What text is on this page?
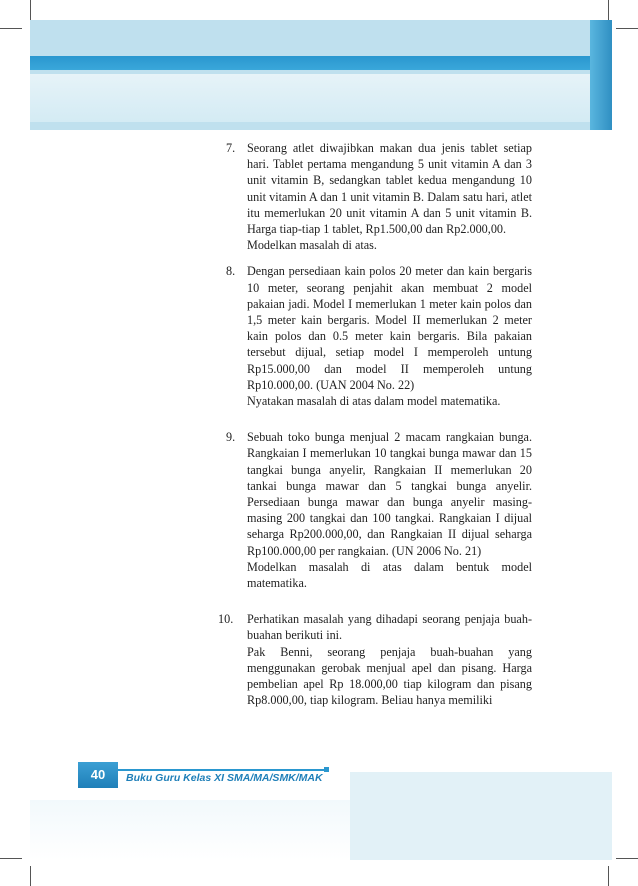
7. Seorang atlet diwajibkan makan dua jenis tablet setiap hari. Tablet pertama mengandung 5 unit vitamin A dan 3 unit vitamin B, sedangkan tablet kedua mengandung 10 unit vitamin A dan 1 unit vitamin B. Dalam satu hari, atlet itu memerlukan 20 unit vitamin A dan 5 unit vitamin B. Harga tiap-tiap 1 tablet, Rp1.500,00 dan Rp2.000,00.

Modelkan masalah di atas.

8. Dengan persediaan kain polos 20 meter dan kain bergaris 10 meter, seorang penjahit akan membuat 2 model pakaian jadi. Model I memerlukan 1 meter kain polos dan 1,5 meter kain bergaris. Model II memerlukan 2 meter kain polos dan 0.5 meter kain bergaris. Bila pakaian tersebut dijual, setiap model I memperoleh untung Rp15.000,00 dan model II memperoleh untung Rp10.000,00. (UAN 2004 No. 22)

Nyatakan masalah di atas dalam model matematika.

9. Sebuah toko bunga menjual 2 macam rangkaian bunga. Rangkaian I memerlukan 10 tangkai bunga mawar dan 15 tangkai bunga anyelir, Rangkaian II memerlukan 20 tankai bunga mawar dan 5 tangkai bunga anyelir. Persediaan bunga mawar dan bunga anyelir masing-masing 200 tangkai dan 100 tangkai. Rangkaian I dijual seharga Rp200.000,00, dan Rangkaian II dijual seharga Rp100.000,00 per rangkaian. (UN 2006 No. 21)

Modelkan masalah di atas dalam bentuk model matematika.

10. Perhatikan masalah yang dihadapi seorang penjaja buah-buahan berikuti ini.

Pak Benni, seorang penjaja buah-buahan yang menggunakan gerobak menjual apel dan pisang. Harga pembelian apel Rp 18.000,00 tiap kilogram dan pisang Rp8.000,00, tiap kilogram. Beliau hanya memiliki

40	Buku Guru Kelas XI SMA/MA/SMK/MAK
